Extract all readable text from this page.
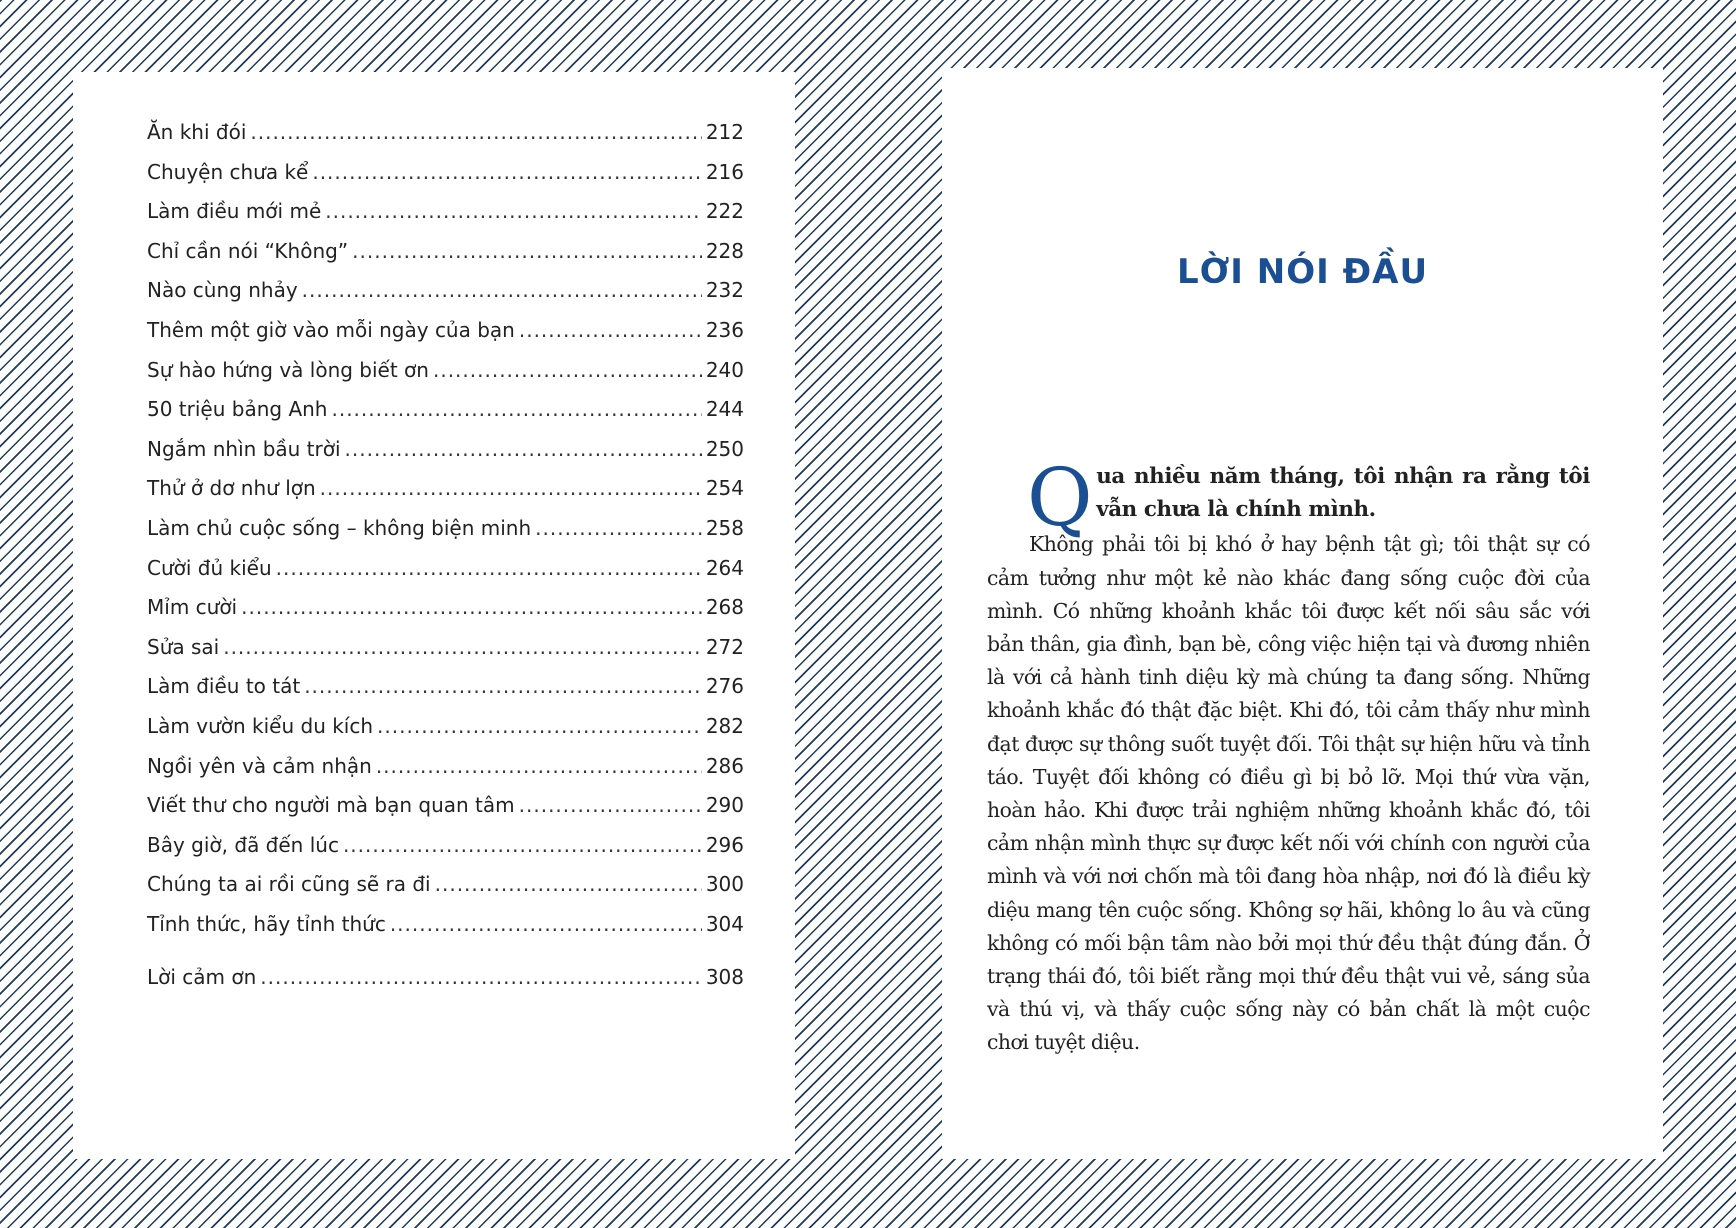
Ăn khi đói .....	212
Chuyện chưa kể .....	216
Làm điều mới mẻ .....	222
Chỉ cần nói “Không” .....	228
Nào cùng nhảy .....	232
Thêm một giờ vào mỗi ngày của bạn .....	236
Sự hào hứng và lòng biết ơn .....	240
50 triệu bảng Anh .....	244
Ngắm nhìn bầu trời .....	250
Thử ở dơ như lợn .....	254
Làm chủ cuộc sống – không biện minh .....	258
Cười đủ kiểu .....	264
Mỉm cười .....	268
Sửa sai .....	272
Làm điều to tát .....	276
Làm vườn kiểu du kích .....	282
Ngồi yên và cảm nhận .....	286
Viết thư cho người mà bạn quan tâm .....	290
Bây giờ, đã đến lúc .....	296
Chúng ta ai rồi cũng sẽ ra đi .....	300
Tỉnh thức, hãy tỉnh thức .....	304
Lời cảm ơn .....	308
LỜI NÓI ĐẦU

Qua nhiều năm tháng, tôi nhận ra rằng tôi vẫn chưa là chính mình.

Không phải tôi bị khó ở hay bệnh tật gì; tôi thật sự có cảm tưởng như một kẻ nào khác đang sống cuộc đời của mình. Có những khoảnh khắc tôi được kết nối sâu sắc với bản thân, gia đình, bạn bè, công việc hiện tại và đương nhiên là với cả hành tinh diệu kỳ mà chúng ta đang sống. Những khoảnh khắc đó thật đặc biệt. Khi đó, tôi cảm thấy như mình đạt được sự thông suốt tuyệt đối. Tôi thật sự hiện hữu và tỉnh táo. Tuyệt đối không có điều gì bị bỏ lỡ. Mọi thứ vừa vặn, hoàn hảo. Khi được trải nghiệm những khoảnh khắc đó, tôi cảm nhận mình thực sự được kết nối với chính con người của mình và với nơi chốn mà tôi đang hòa nhập, nơi đó là điều kỳ diệu mang tên cuộc sống. Không sợ hãi, không lo âu và cũng không có mối bận tâm nào bởi mọi thứ đều thật đúng đắn. Ở trạng thái đó, tôi biết rằng mọi thứ đều thật vui vẻ, sáng sủa và thú vị, và thấy cuộc sống này có bản chất là một cuộc chơi tuyệt diệu.
